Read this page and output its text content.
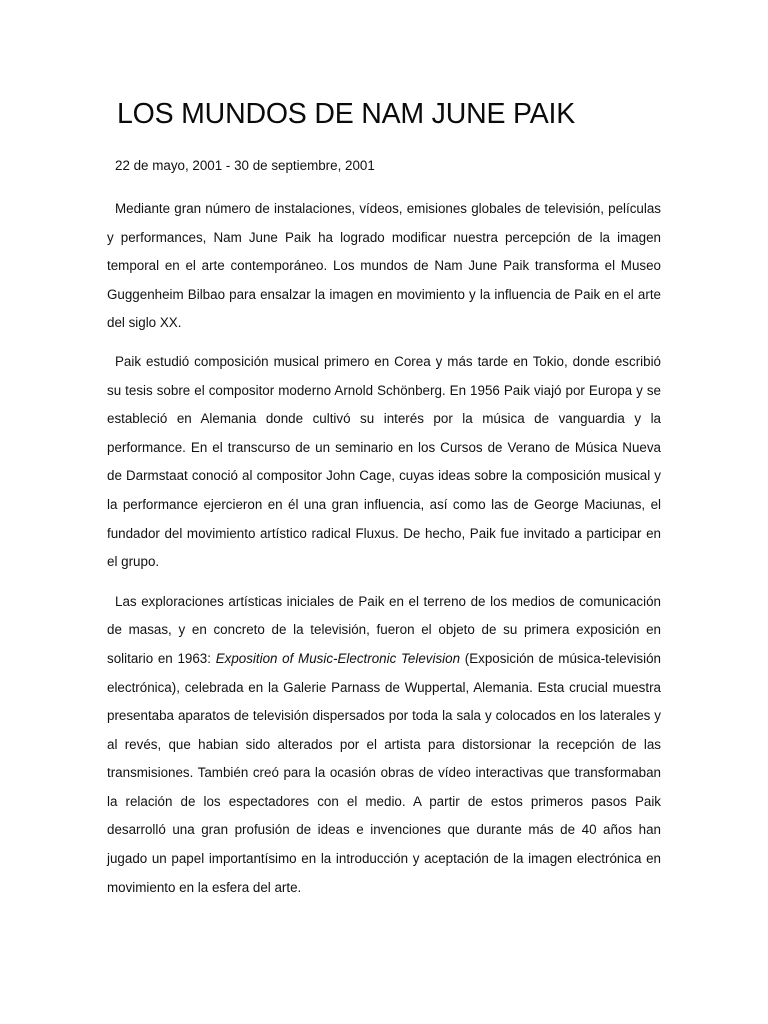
LOS MUNDOS DE NAM JUNE PAIK
22 de mayo, 2001 - 30 de septiembre, 2001

Mediante gran número de instalaciones, vídeos, emisiones globales de televisión, películas y performances, Nam June Paik ha logrado modificar nuestra percepción de la imagen temporal en el arte contemporáneo. Los mundos de Nam June Paik transforma el Museo Guggenheim Bilbao para ensalzar la imagen en movimiento y la influencia de Paik en el arte del siglo XX.

Paik estudió composición musical primero en Corea y más tarde en Tokio, donde escribió su tesis sobre el compositor moderno Arnold Schönberg. En 1956 Paik viajó por Europa y se estableció en Alemania donde cultivó su interés por la música de vanguardia y la performance. En el transcurso de un seminario en los Cursos de Verano de Música Nueva de Darmstaat conoció al compositor John Cage, cuyas ideas sobre la composición musical y la performance ejercieron en él una gran influencia, así como las de George Maciunas, el fundador del movimiento artístico radical Fluxus. De hecho, Paik fue invitado a participar en el grupo.

Las exploraciones artísticas iniciales de Paik en el terreno de los medios de comunicación de masas, y en concreto de la televisión, fueron el objeto de su primera exposición en solitario en 1963: Exposition of Music-Electronic Television (Exposición de música-televisión electrónica), celebrada en la Galerie Parnass de Wuppertal, Alemania. Esta crucial muestra presentaba aparatos de televisión dispersados por toda la sala y colocados en los laterales y al revés, que habian sido alterados por el artista para distorsionar la recepción de las transmisiones. También creó para la ocasión obras de vídeo interactivas que transformaban la relación de los espectadores con el medio. A partir de estos primeros pasos Paik desarrolló una gran profusión de ideas e invenciones que durante más de 40 años han jugado un papel importantísimo en la introducción y aceptación de la imagen electrónica en movimiento en la esfera del arte.
